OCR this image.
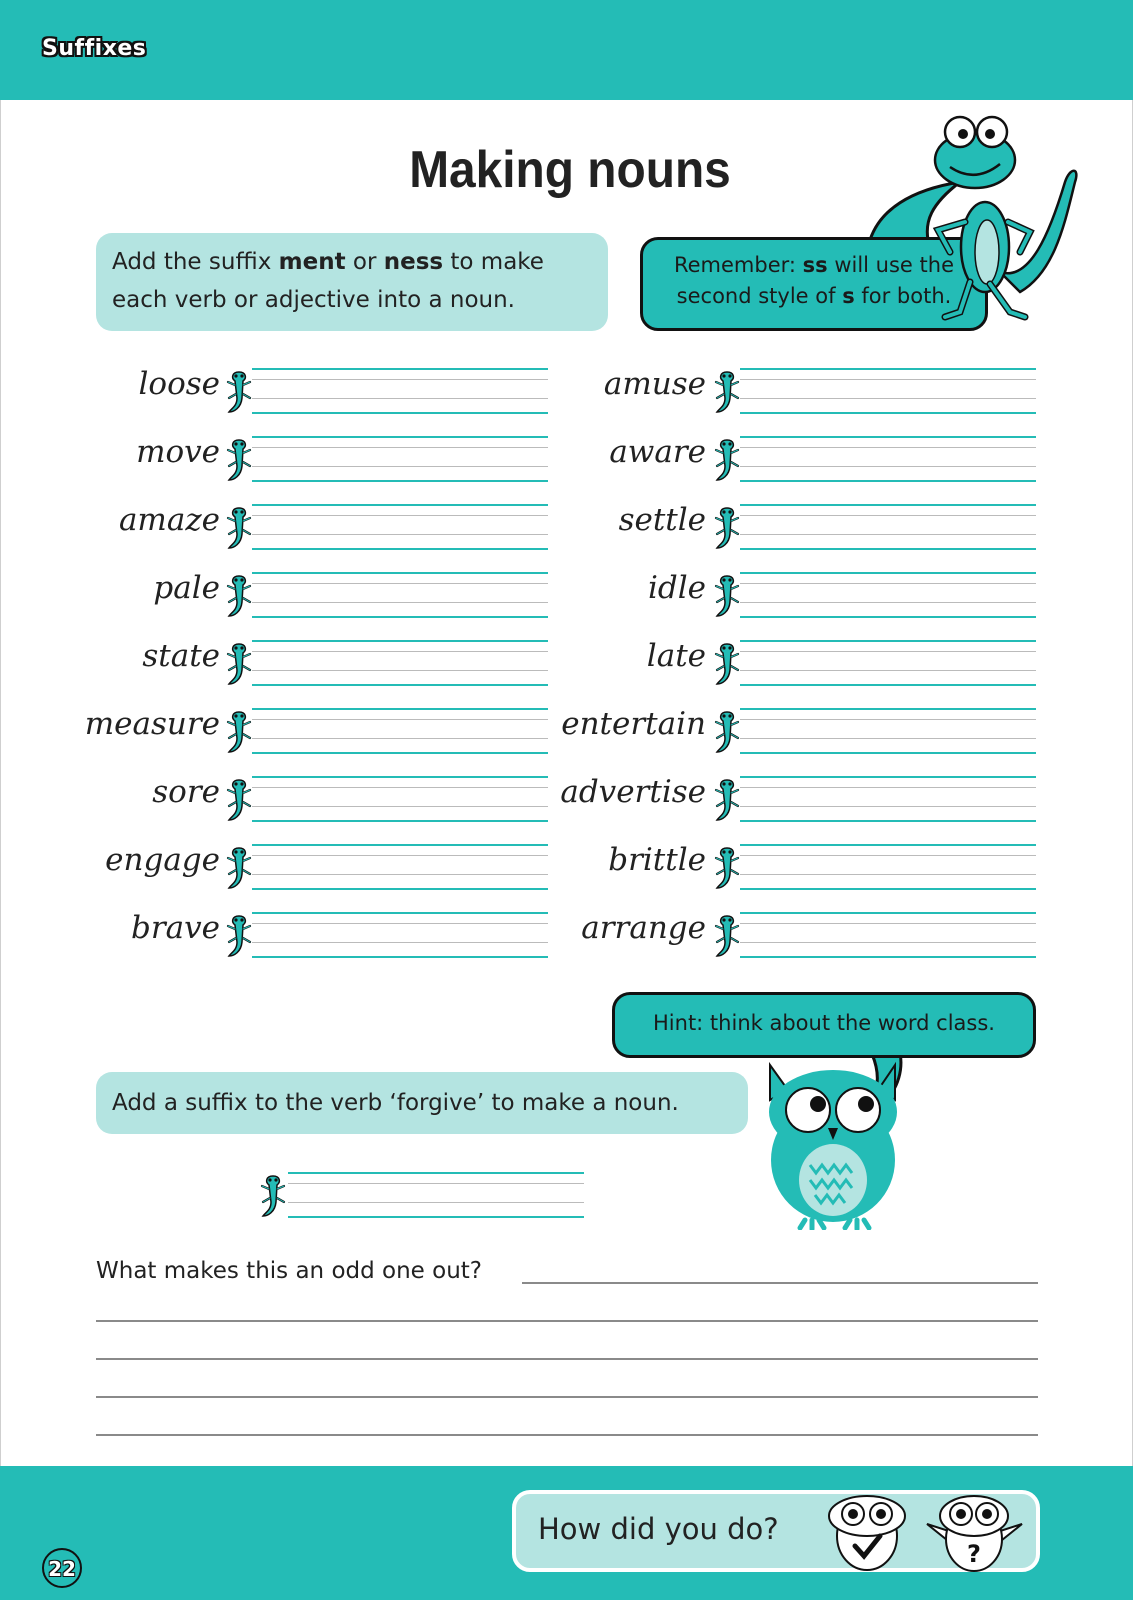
Suffixes
Making nouns
Add the suffix ment or ness to make
each verb or adjective into a noun.
Remember: ss will use the
second style of s for both.
loose
move
amaze
pale
state
measure
sore
engage
brave
amuse
aware
settle
idle
late
entertain
advertise
brittle
arrange
Hint: think about the word class.
Add a suffix to the verb ‘forgive’ to make a noun.
What makes this an odd one out?
22
How did you do?
?
